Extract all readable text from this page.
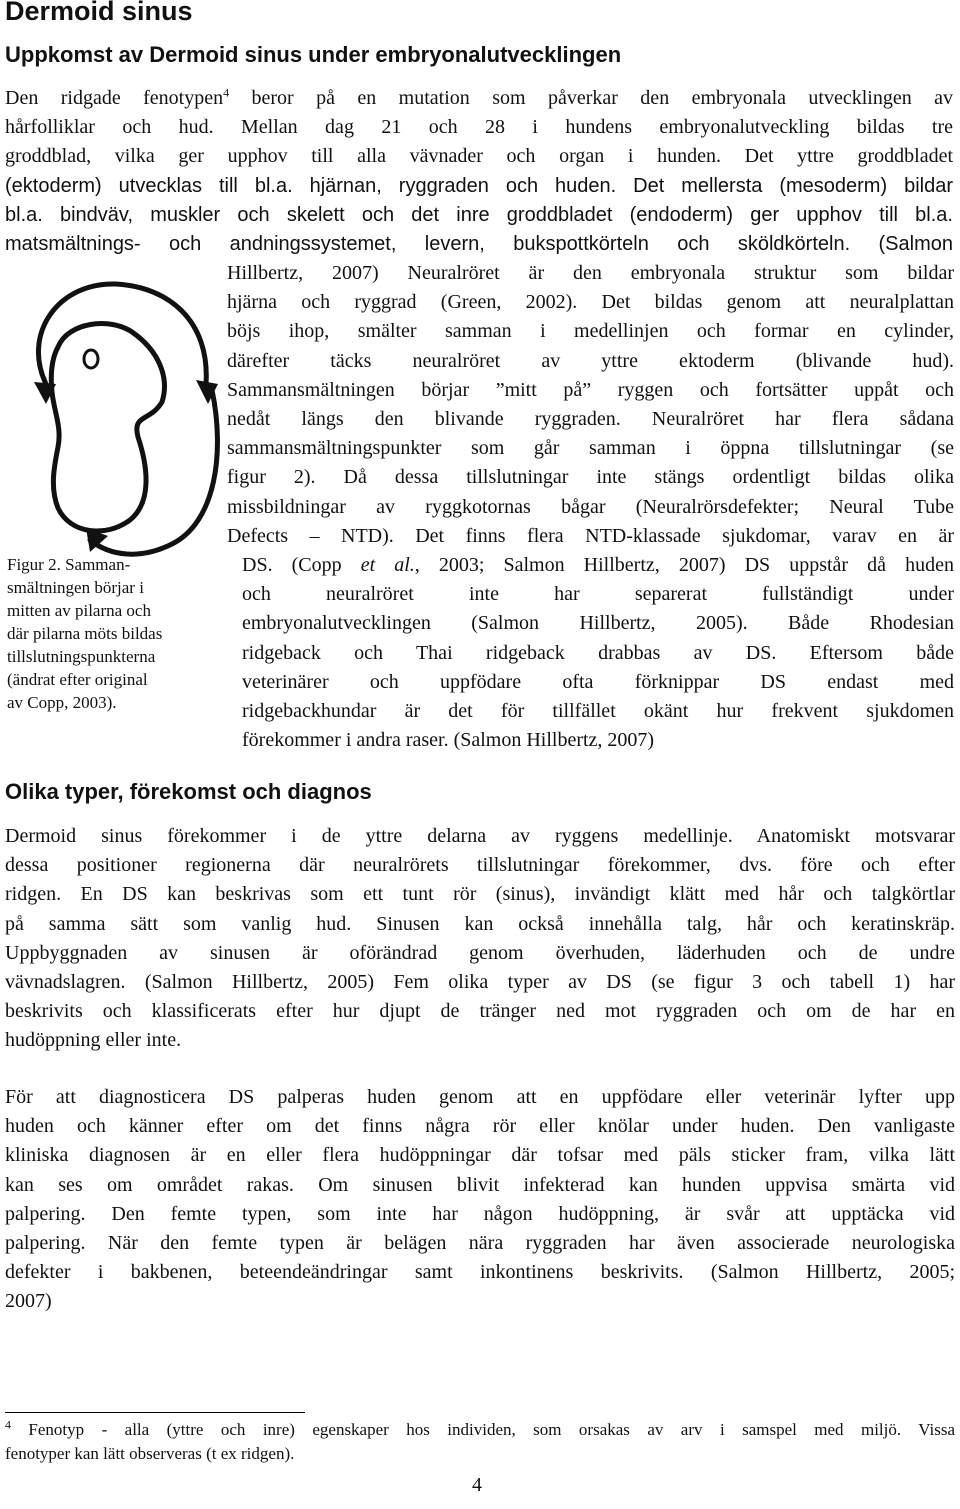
Dermoid sinus
Uppkomst av Dermoid sinus under embryonalutvecklingen

Den ridgade fenotypen$^4$ beror på en mutation som påverkar den embryonala utvecklingen av

hårfolliklar och hud. Mellan dag 21 och 28 i hundens embryonalutveckling bildas tre

groddblad, vilka ger upphov till alla vävnader och organ i hunden. Det yttre groddbladet

(ektoderm) utvecklas till bl.a. hjärnan, ryggraden och huden. Det mellersta (mesoderm) bildar

bl.a. bindväv, muskler och skelett och det inre groddbladet (endoderm) ger upphov till bl.a.

matsmältnings- och andningssystemet, levern, bukspottkörteln och sköldkörteln. (Salmon

Hillbertz, 2007) Neuralröret är den embryonala struktur som bildar

hjärna och ryggrad (Green, 2002). Det bildas genom att neuralplattan

böjs ihop, smälter samman i medellinjen och formar en cylinder,

därefter täcks neuralröret av yttre ektoderm (blivande hud).

Sammansmältningen börjar ”mitt på” ryggen och fortsätter uppåt och

nedåt längs den blivande ryggraden. Neuralröret har flera sådana

sammansmältningspunkter som går samman i öppna tillslutningar (se

figur 2). Då dessa tillslutningar inte stängs ordentligt bildas olika

missbildningar av ryggkotornas bågar (Neuralrörsdefekter; Neural Tube

Defects – NTD). Det finns flera NTD-klassade sjukdomar, varav en är

DS. (Copp et al., 2003; Salmon Hillbertz, 2007) DS uppstår då huden

och neuralröret inte har separerat fullständigt under

embryonalutvecklingen (Salmon Hillbertz, 2005). Både Rhodesian

ridgeback och Thai ridgeback drabbas av DS. Eftersom både

veterinärer och uppfödare ofta förknippar DS endast med

ridgebackhundar är det för tillfället okänt hur frekvent sjukdomen

förekommer i andra raser. (Salmon Hillbertz, 2007)

Figur 2. Samman-

smältningen börjar i

mitten av pilarna och

där pilarna möts bildas

tillslutningspunkterna

(ändrat efter original

av Copp, 2003).

Olika typer, förekomst och diagnos

Dermoid sinus förekommer i de yttre delarna av ryggens medellinje. Anatomiskt motsvarar

dessa positioner regionerna där neuralrörets tillslutningar förekommer, dvs. före och efter

ridgen. En DS kan beskrivas som ett tunt rör (sinus), invändigt klätt med hår och talgkörtlar

på samma sätt som vanlig hud. Sinusen kan också innehålla talg, hår och keratinskräp.

Uppbyggnaden av sinusen är oförändrad genom överhuden, läderhuden och de undre

vävnadslagren. (Salmon Hillbertz, 2005) Fem olika typer av DS (se figur 3 och tabell 1) har

beskrivits och klassificerats efter hur djupt de tränger ned mot ryggraden och om de har en

hudöppning eller inte.

För att diagnosticera DS palperas huden genom att en uppfödare eller veterinär lyfter upp

huden och känner efter om det finns några rör eller knölar under huden. Den vanligaste

kliniska diagnosen är en eller flera hudöppningar där tofsar med päls sticker fram, vilka lätt

kan ses om området rakas. Om sinusen blivit infekterad kan hunden uppvisa smärta vid

palpering. Den femte typen, som inte har någon hudöppning, är svår att upptäcka vid

palpering. När den femte typen är belägen nära ryggraden har även associerade neurologiska

defekter i bakbenen, beteendeändringar samt inkontinens beskrivits. (Salmon Hillbertz, 2005;

2007)

$^4$ Fenotyp - alla (yttre och inre) egenskaper hos individen, som orsakas av arv i samspel med miljö. Vissa

fenotyper kan lätt observeras (t ex ridgen).

4
